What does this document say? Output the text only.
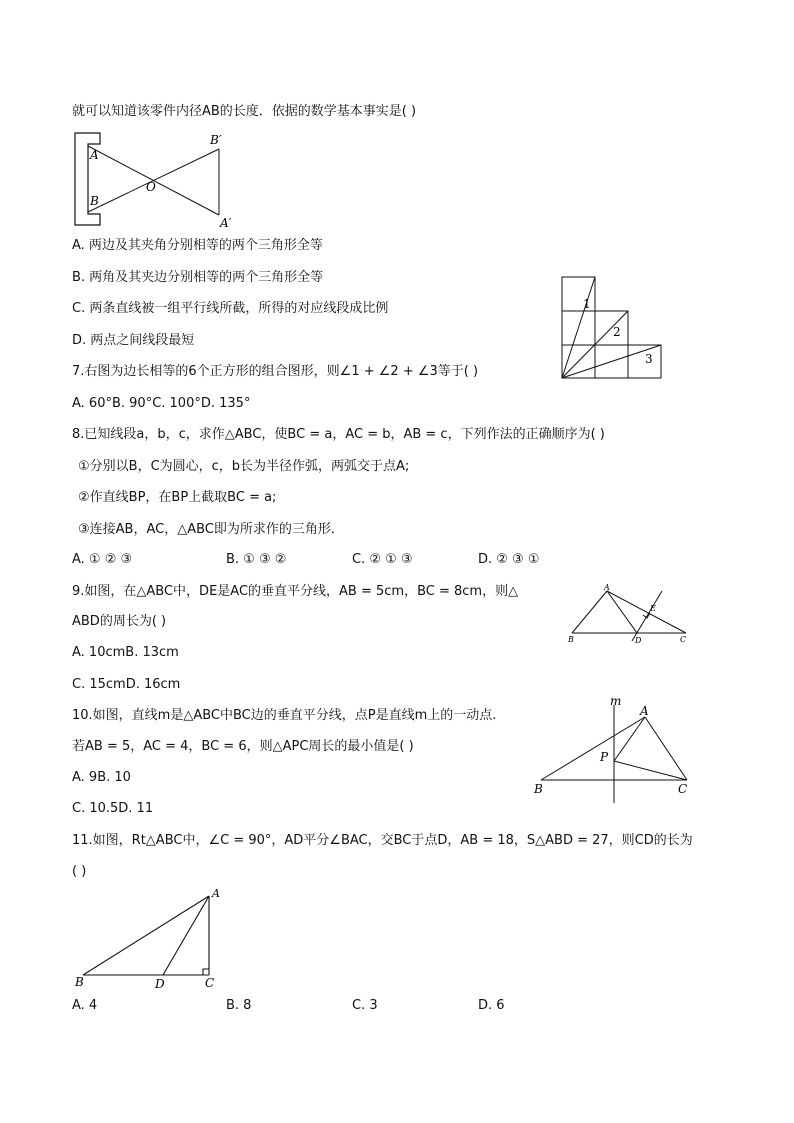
就可以知道该零件内径AB的长度．依据的数学基本事实是( )
A
B
O
B′
A′
A. 两边及其夹角分别相等的两个三角形全等
B. 两角及其夹边分别相等的两个三角形全等
C. 两条直线被一组平行线所截，所得的对应线段成比例
D. 两点之间线段最短
1
2
3
7.右图为边长相等的6个正方形的组合图形，则∠1 + ∠2 + ∠3等于( )
A. 60°B. 90°C. 100°D. 135°
8.已知线段a，b，c，求作△ABC，使BC = a，AC = b，AB = c，下列作法的正确顺序为( )
①分别以B，C为圆心，c，b长为半径作弧，两弧交于点A;
②作直线BP，在BP上截取BC = a;
③连接AB，AC，△ABC即为所求作的三角形．
A. ① ② ③	B. ① ③ ②	C. ② ① ③	D. ② ③ ①
9.如图，在△ABC中，DE是AC的垂直平分线，AB = 5cm，BC = 8cm，则△
ABD的周长为( )
A
B	C
D
E
A. 10cmB. 13cm
C. 15cmD. 16cm
10.如图，直线m是△ABC中BC边的垂直平分线，点P是直线m上的一动点.
若AB = 5，AC = 4，BC = 6，则△APC周长的最小值是( )
m
A
B	C
P
A. 9B. 10
C. 10.5D. 11
11.如图，Rt△ABC中，∠C = 90°，AD平分∠BAC，交BC于点D，AB = 18，S△ABD = 27，则CD的长为
( )
A
B	D	C
A. 4	B. 8	C. 3	D. 6
